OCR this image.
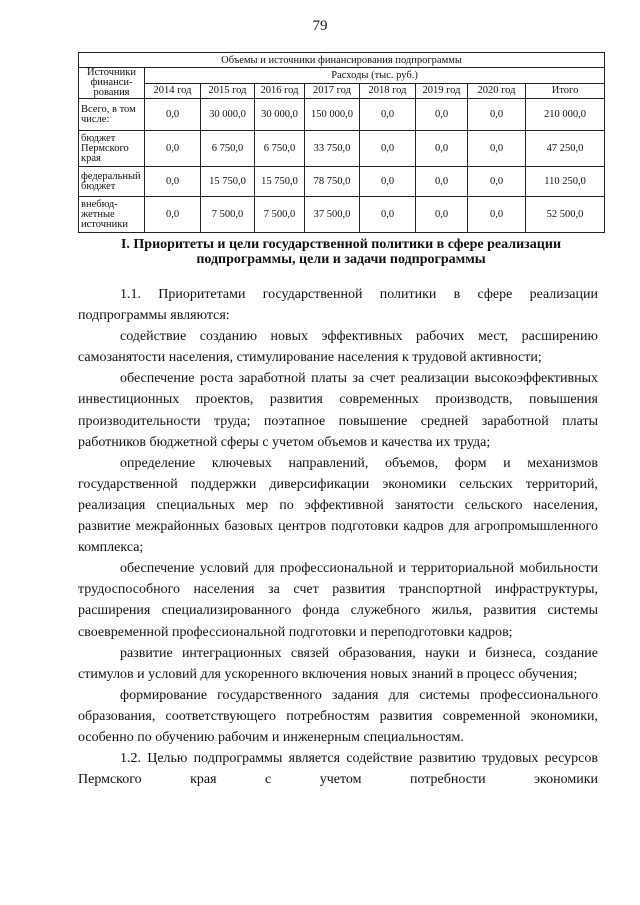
79
Объемы и источники финансирования подпрограммы								
Источники финанси- рования	Расходы (тыс. руб.)							
	2014 год	2015 год	2016 год	2017 год	2018 год	2019 год	2020 год	Итого
Всего, в том числе:	0,0	30 000,0	30 000,0	150 000,0	0,0	0,0	0,0	210 000,0
бюджет Пермского края	0,0	6 750,0	6 750,0	33 750,0	0,0	0,0	0,0	47 250,0
федеральный бюджет	0,0	15 750,0	15 750,0	78 750,0	0,0	0,0	0,0	110 250,0
внебюд- жетные источники	0,0	7 500,0	7 500,0	37 500,0	0,0	0,0	0,0	52 500,0
I. Приоритеты и цели государственной политики в сфере реализации подпрограммы, цели и задачи подпрограммы

1.1. Приоритетами государственной политики в сфере реализации подпрограммы являются:

содействие созданию новых эффективных рабочих мест, расширению самозанятости населения, стимулирование населения к трудовой активности;

обеспечение роста заработной платы за счет реализации высокоэффективных инвестиционных проектов, развития современных производств, повышения производительности труда; поэтапное повышение средней заработной платы работников бюджетной сферы с учетом объемов и качества их труда;

определение ключевых направлений, объемов, форм и механизмов государственной поддержки диверсификации экономики сельских территорий, реализация специальных мер по эффективной занятости сельского населения, развитие межрайонных базовых центров подготовки кадров для агропромышленного комплекса;

обеспечение условий для профессиональной и территориальной мобильности трудоспособного населения за счет развития транспортной инфраструктуры, расширения специализированного фонда служебного жилья, развития системы своевременной профессиональной подготовки и переподготовки кадров;

развитие интеграционных связей образования, науки и бизнеса, создание стимулов и условий для ускоренного включения новых знаний в процесс обучения;

формирование государственного задания для системы профессионального образования, соответствующего потребностям развития современной экономики, особенно по обучению рабочим и инженерным специальностям.

1.2. Целью подпрограммы является содействие развитию трудовых ресурсов Пермского края с учетом потребности экономики
